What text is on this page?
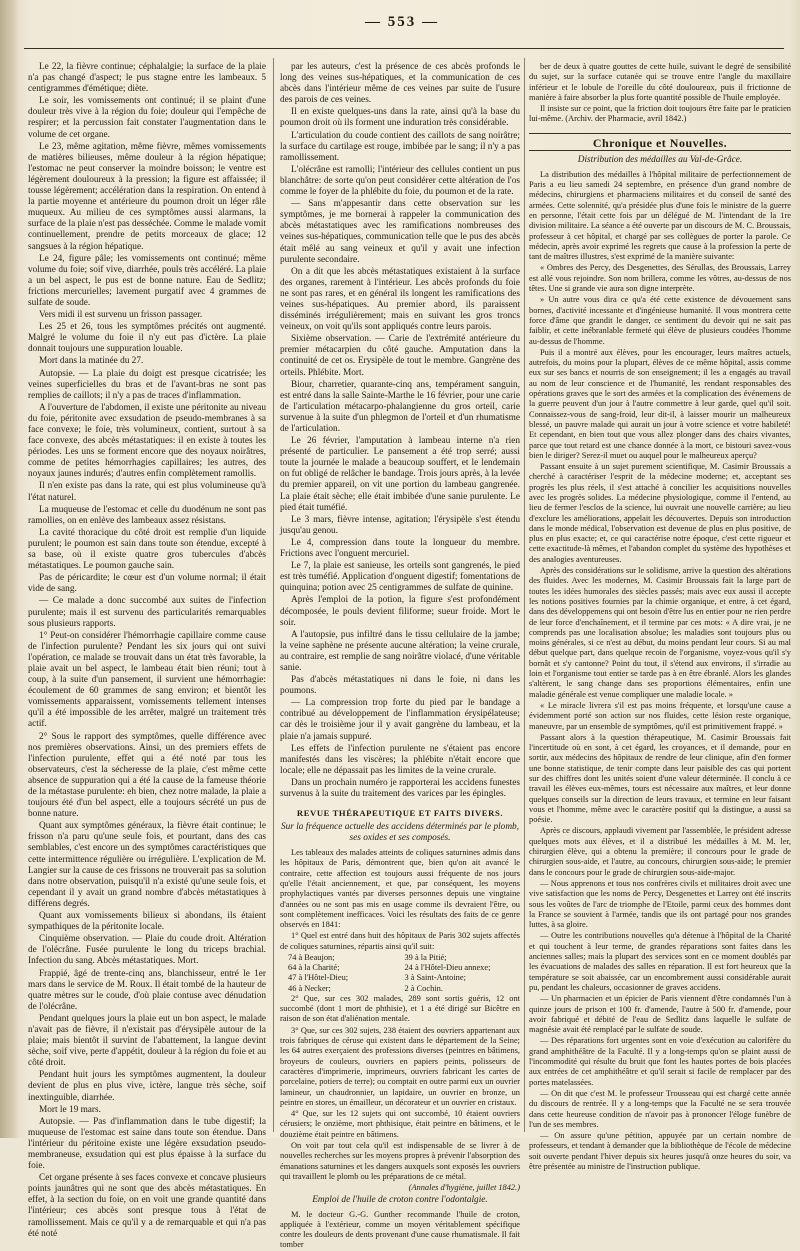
— 553 —
Le 22, la fièvre continue; céphalalgie; la surface de la plaie n'a pas changé d'aspect; le pus stagne entre les lambeaux. 5 centigrammes d'émétique; diète.
Le soir, les vomissements ont continué; il se plaint d'une douleur très vive à la région du foie; douleur qui l'empêche de respirer; et la percussion fait constater l'augmentation dans le volume de cet organe.
Le 23, même agitation, même fièvre, mêmes vomissements de matières bilieuses, même douleur à la région hépatique; l'estomac ne peut conserver la moindre boisson; le ventre est légèrement douloureux à la pression; la figure est affaissée; il tousse légèrement; accélération dans la respiration. On entend à la partie moyenne et antérieure du poumon droit un léger râle muqueux. Au milieu de ces symptômes aussi alarmans, la surface de la plaie n'est pas desséchée. Comme le malade vomit continuellement, prendre de petits morceaux de glace; 12 sangsues à la région hépatique.
Le 24, figure pâle; les vomissements ont continué; même volume du foie; soif vive, diarrhée, pouls très accéléré. La plaie a un bel aspect, le pus est de bonne nature. Eau de Sedlitz; frictions mercurielles; lavement purgatif avec 4 grammes de sulfate de soude.
Vers midi il est survenu un frisson passager.
Les 25 et 26, tous les symptômes précités ont augmenté. Malgré le volume du foie il n'y eut pas d'ictère. La plaie donnait toujours une suppuration louable.
Mort dans la matinée du 27.
Autopsie. — La plaie du doigt est presque cicatrisée; les veines superficielles du bras et de l'avant-bras ne sont pas remplies de caillots; il n'y a pas de traces d'inflammation.
A l'ouverture de l'abdomen, il existe une péritonite au niveau du foie, péritonite avec exsudation de pseudo-membranes à sa face convexe; le foie, très volumineux, contient, surtout à sa face convexe, des abcès métastatiques: il en existe à toutes les périodes. Les uns se forment encore que des noyaux noirâtres, comme de petites hémorrhagies capillaires; les autres, des noyaux jaunes indurés; d'autres enfin complètement ramollis.
Il n'en existe pas dans la rate, qui est plus volumineuse qu'à l'état naturel.
La muqueuse de l'estomac et celle du duodénum ne sont pas ramollies, on en enlève des lambeaux assez résistans.
La cavité thoracique du côté droit est remplie d'un liquide purulent; le poumon est sain dans toute son étendue, excepté à sa base, où il existe quatre gros tubercules d'abcès métastatiques. Le poumon gauche sain.
Pas de péricardite; le cœur est d'un volume normal; il était vide de sang.
— Ce malade a donc succombé aux suites de l'infection purulente; mais il est survenu des particularités remarquables sous plusieurs rapports.
1° Peut-on considérer l'hémorrhagie capillaire comme cause de l'infection purulente? Pendant les six jours qui ont suivi l'opération, ce malade se trouvait dans un état très favorable, la plaie avait un bel aspect, le lambeau était bien réuni; tout à coup, à la suite d'un pansement, il survient une hémorrhagie: écoulement de 60 grammes de sang environ; et bientôt les vomissements apparaissent, vomissements tellement intenses qu'il a été impossible de les arrêter, malgré un traitement très actif.
2° Sous le rapport des symptômes, quelle différence avec nos premières observations. Ainsi, un des premiers effets de l'infection purulente, effet qui a été noté par tous les observateurs, c'est la sécheresse de la plaie, c'est même cette absence de suppuration qui a été la cause de la fameuse théorie de la métastase purulente: eh bien, chez notre malade, la plaie a toujours été d'un bel aspect, elle a toujours sécrété un pus de bonne nature.
Quant aux symptômes généraux, la fièvre était continue; le frisson n'a paru qu'une seule fois, et pourtant, dans des cas semblables, c'est encore un des symptômes caractéristiques que cette intermittence régulière ou irrégulière. L'explication de M. Langier sur la cause de ces frissons ne trouverait pas sa solution dans notre observation, puisqu'il n'a existé qu'une seule fois, et cependant il y avait un grand nombre d'abcès métastatiques à différens degrés.
Quant aux vomissements bilieux si abondans, ils étaient sympathiques de la péritonite locale.
Cinquième observation. — Plaie du coude droit. Altération de l'olécrâne. Fusée purulente le long du triceps brachial. Infection du sang. Abcès métastatiques. Mort.
Frappié, âgé de trente-cinq ans, blanchisseur, entré le 1er mars dans le service de M. Roux. Il était tombé de la hauteur de quatre mètres sur le coude, d'où plaie contuse avec dénudation de l'olécrâne.
Pendant quelques jours la plaie eut un bon aspect, le malade n'avait pas de fièvre, il n'existait pas d'érysipèle autour de la plaie; mais bientôt il survint de l'abattement, la langue devint sèche, soif vive, perte d'appétit, douleur à la région du foie et au côté droit.
Pendant huit jours les symptômes augmentent, la douleur devient de plus en plus vive, ictère, langue très sèche, soif inextinguible, diarrhée.
Mort le 19 mars.
Autopsie. — Pas d'inflammation dans le tube digestif; la muqueuse de l'estomac est saine dans toute son étendue. Dans l'intérieur du péritoine existe une légère exsudation pseudo-membraneuse, exsudation qui est plus épaisse à la surface du foie.
Cet organe présente à ses faces convexe et concave plusieurs points jaunâtres qui ne sont que des abcès métastatiques. En effet, à la section du foie, on en voit une grande quantité dans l'intérieur; ces abcès sont presque tous à l'état de ramollissement. Mais ce qu'il y a de remarquable et qui n'a pas été noté
par les auteurs, c'est la présence de ces abcès profonds le long des veines sus-hépatiques, et la communication de ces abcès dans l'intérieur même de ces veines par suite de l'usure des parois de ces veines.
Il en existe quelques-uns dans la rate, ainsi qu'à la base du poumon droit où ils forment une induration très considérable.
L'articulation du coude contient des caillots de sang noirâtre; la surface du cartilage est rouge, imbibée par le sang; il n'y a pas ramollissement.
L'olécrâne est ramolli; l'intérieur des cellules contient un pus blanchâtre: de sorte qu'on peut considérer cette altération de l'os comme le foyer de la phlébite du foie, du poumon et de la rate.
— Sans m'appesantir dans cette observation sur les symptômes, je me bornerai à rappeler la communication des abcès métastatiques avec les ramifications nombreuses des veines sus-hépatiques, communication telle que le pus des abcès était mêlé au sang veineux et qu'il y avait une infection purulente secondaire.
On a dit que les abcès métastatiques existaient à la surface des organes, rarement à l'intérieur. Les abcès profonds du foie ne sont pas rares, et en général ils longent les ramifications des veines sus-hépatiques. Au premier abord, ils paraissent disséminés irrégulièrement; mais en suivant les gros troncs veineux, on voit qu'ils sont appliqués contre leurs parois.
Sixième observation. — Carie de l'extrémité antérieure du premier métacarpien du côté gauche. Amputation dans la continuité de cet os. Erysipèle de tout le membre. Gangrène des orteils. Phlébite. Mort.
Biour, charretier, quarante-cinq ans, tempérament sanguin, est entré dans la salle Sainte-Marthe le 16 février, pour une carie de l'articulation métacarpo-phalangienne du gros orteil, carie survenue à la suite d'un phlegmon de l'orteil et d'un rhumatisme de l'articulation.
Le 26 février, l'amputation à lambeau interne n'a rien présenté de particulier. Le pansement a été trop serré; aussi toute la journée le malade a beaucoup souffert, et le lendemain on fut obligé de relâcher le bandage. Trois jours après, à la levée du premier appareil, on vit une portion du lambeau gangrenée. La plaie était sèche; elle était imbibée d'une sanie purulente. Le pied était tuméfié.
Le 3 mars, fièvre intense, agitation; l'érysipèle s'est étendu jusqu'au genou.
Le 4, compression dans toute la longueur du membre. Frictions avec l'onguent mercuriel.
Le 7, la plaie est sanieuse, les orteils sont gangrenés, le pied est très tuméfié. Application d'onguent digestif; fomentations de quinquina; potion avec 25 centigrammes de sulfate de quinine.
Après l'emploi de la potion, la figure s'est profondément décomposée, le pouls devient filiforme; sueur froide. Mort le soir.
A l'autopsie, pus infiltré dans le tissu cellulaire de la jambe; la veine saphène ne présente aucune altération; la veine crurale, au contraire, est remplie de sang noirâtre violacé, d'une véritable sanie.
Pas d'abcès métastatiques ni dans le foie, ni dans les poumons.
— La compression trop forte du pied par le bandage a contribué au développement de l'inflammation érysipélateuse; car dès le troisième jour il y avait gangrène du lambeau, et la plaie n'a jamais suppuré.
Les effets de l'infection purulente ne s'étaient pas encore manifestés dans les viscères; la phlébite n'était encore que locale; elle ne dépassait pas les limites de la veine crurale.
Dans un prochain numéro je rapporterai les accidens funestes survenus à la suite du traitement des varices par les épingles.
REVUE THÉRAPEUTIQUE ET FAITS DIVERS.
Sur la fréquence actuelle des accidens déterminés par le plomb, ses oxides et ses composés.
Les tableaux des malades atteints de coliques saturnines admis dans les hôpitaux de Paris, démontrent que, bien qu'on ait avancé le contraire, cette affection est toujours aussi fréquente de nos jours qu'elle l'était anciennement, et que, par conséquent, les moyens prophylactiques vantés par diverses personnes depuis une vingtaine d'années ou ne sont pas mis en usage comme ils devraient l'être, ou sont complètement inefficaces. Voici les résultats des faits de ce genre observés en 1841:
1° Quel est entré dans huit des hôpitaux de Paris 302 sujets affectés de coliques saturnines, répartis ainsi qu'il suit:
74 à Beaujon;	39 à la Pitié;
64 à la Charité;	24 à l'Hôtel-Dieu annexe;
47 à l'Hôtel-Dieu;	3 à Saint-Antoine;
46 à Necker;	2 à Cochin.
2° Que, sur ces 302 malades, 289 sont sortis guéris, 12 ont succombé (dont 1 mort de phthisie), et 1 a été dirigé sur Bicêtre en raison de son état d'aliénation mentale.
3° Que, sur ces 302 sujets, 238 étaient des ouvriers appartenant aux trois fabriques de céruse qui existent dans le département de la Seine; les 64 autres exerçaient des professions diverses (peintres en bâtimens, broyeurs de couleurs, ouvriers en papiers peints, polisseurs de caractères d'imprimerie, imprimeurs, ouvriers fabricant les cartes de porcelaine, potiers de terre); ou comptait en outre parmi eux un ouvrier lamineur, un chaudronnier, un lapidaire, un ouvrier en bronze, un peintre en stores, un émailleur, un décorateur et un ouvrier en cristaux.
4° Que, sur les 12 sujets qui ont succombé, 10 étaient ouvriers cérusiers; le onzième, mort phthisique, était peintre en bâtimens, et le douzième était peintre en bâtimens.
On voit par tout cela qu'il est indispensable de se livrer à de nouvelles recherches sur les moyens propres à prévenir l'absorption des émanations saturnines et les dangers auxquels sont exposés les ouvriers qui travaillent le plomb ou les préparations de ce métal.
(Annales d'hygiène, juillet 1842.)
Emploi de l'huile de croton contre l'odontalgie.
M. le docteur G.-G. Gunther recommande l'huile de croton, appliquée à l'extérieur, comme un moyen véritablement spécifique contre les douleurs de dents provenant d'une cause rhumatismale. Il fait tomber
ber de deux à quatre gouttes de cette huile, suivant le degré de sensibilité du sujet, sur la surface cutanée qui se trouve entre l'angle du maxillaire inférieur et le lobule de l'oreille du côté douloureux, puis il frictionne de manière à faire absorber la plus forte quantité possible de l'huile employée.
Il insiste sur ce point, que la friction doit toujours être faite par le praticien lui-même. (Archiv. der Pharmacie, avril 1842.)
Chronique et Nouvelles.
Distribution des médailles au Val-de-Grâce.
La distribution des médailles à l'hôpital militaire de perfectionnement de Paris a eu lieu samedi 24 septembre, en présence d'un grand nombre de médecins, chirurgiens et pharmaciens militaires et du conseil de santé des armées. Cette solennité, qu'a présidée plus d'une fois le ministre de la guerre en personne, l'était cette fois par un délégué de M. l'intendant de la 1re division militaire. La séance a été ouverte par un discours de M. C. Broussais, professeur à cet hôpital, et chargé par ses collègues de porter la parole. Ce médecin, après avoir exprimé les regrets que cause à la profession la perte de tant de maîtres illustres, s'est exprimé de la manière suivante:
« Ombres des Percy, des Desgenettes, des Sérullas, des Broussais, Larrey est allé vous rejoindre. Son nom brillera, comme les vôtres, au-dessus de nos têtes. Une si grande vie aura son digne interprète.
» Un autre vous dira ce qu'a été cette existence de dévouement sans bornes, d'activité incessante et d'ingénieuse humanité. Il vous montrera cette force d'âme que grandit le danger, ce sentiment du devoir qui ne sait pas faiblir, et cette inébranlable fermeté qui élève de plusieurs coudées l'homme au-dessus de l'homme.
Puis il a montré aux élèves, pour les encourager, leurs maîtres actuels, autrefois, du moins pour la plupart, élèves de ce même hôpital, assis comme eux sur ses bancs et nourris de son enseignement; il les a engagés au travail au nom de leur conscience et de l'humanité, les rendant responsables des opérations graves que le sort des armées et la complication des événemens de la guerre peuvent d'un jour à l'autre commettre à leur garde, quel qu'il soit. Connaissez-vous de sang-froid, leur dit-il, à laisser mourir un malheureux blessé, un pauvre malade qui aurait un jour à votre science et votre habileté! Et cependant, en bien tout que vous allez plonger dans des chairs vivantes, parce que tout retard est une chance donnée à la mort, ce bistouri savez-vous bien le diriger? Serez-il muet ou auquel pour le malheureux aperçu?
Passant ensuite à un sujet purement scientifique, M. Casimir Broussais a cherché à caractériser l'esprit de la médecine moderne; et, acceptant ses progrès les plus réels, il s'est attaché à concilier les acquisitions nouvelles avec les progrès solides. La médecine physiologique, comme il l'entend, au lieu de fermer l'esclos de la science, lui ouvrait une nouvelle carrière; au lieu d'exclure les améliorations, appelait les découvertes. Depuis son introduction dans le monde médical, l'observation est devenue de plus en plus positive, de plus en plus exacte; et, ce qui caractérise notre époque, c'est cette rigueur et cette exactitude-là mêmes, et l'abandon complet du système des hypothèses et des analogies aventureuses.
Après des considérations sur le solidisme, arrive la question des altérations des fluides. Avec les modernes, M. Casimir Broussais fait la large part de toutes les idées humorales des siècles passés; mais avec eux aussi il accepte les notions positives fournies par la chimie organique, et entre, à cet égard, dans des développemens qui ont besoin d'être lus en entier pour ne rien perdre de leur force d'enchaînement, et il termine par ces mots: « A dire vrai, je ne comprends pas une localisation absolue; les maladies sont toujours plus ou moins générales, si ce n'est au début, du moins pendant leur cours. Si au mal début quelque part, dans quelque recoin de l'organisme, voyez-vous qu'il s'y bornât et s'y cantonne? Point du tout, il s'étend aux environs, il s'irradie au loin et l'organisme tout entier se tarde pas à en être ébranlé. Alors les glandes s'altèrent, le sang change dans ses proportions élémentaires, enfin une maladie générale est venue compliquer une maladie locale. »
« Le miracle livrera s'il est pas moins fréquente, et lorsqu'une cause a évidemment porté son action sur nos fluides, cette lésion reste organique, maneuvre, par un ensemble de symptômes, qu'il est primitivement frappé. »
Passant alors à la question thérapeutique, M. Casimir Broussais fait l'incertitude où en sont, à cet égard, les croyances, et il demande, pour en sortir, aux médecins des hôpitaux de rendre de leur clinique, afin d'en former une bonne statistique, de tenir compte dans leur paisible des cas qui portent sur des chiffres dont les unités soient d'une valeur déterminée. Il conclu à ce travail les élèves eux-mêmes, tours est nécessaire aux maîtres, et leur donne quelques conseils sur la direction de leurs travaux, et termine en leur faisant vous et l'homme, même avec le caractère positif qui la distingue, a aussi sa poésie.
Après ce discours, applaudi vivement par l'assemblée, le président adresse quelques mots aux élèves, et il a distribué les médailles à M. M. ler, chirurgien élève, qui a obtenu la première; il concours pour le grade de chirurgien sous-aide, et l'autre, au concours, chirurgien sous-aide; le premier dans le concours pour le grade de chirurgien sous-aide-major.
— Nous apprenons et tous nos confrères civils et militaires droit avec une vive satisfaction que les noms de Percy, Desgenettes et Larrey ont été inscrits sous les voûtes de l'arc de triomphe de l'Etoile, parmi ceux des hommes dont la France se souvient à l'armée, tandis que ils ont partagé pour nos grandes luttes, à sa gloire.
— Outre les contributions nouvelles qu'a détenue à l'hôpital de la Charité et qui touchent à leur terme, de grandes réparations sont faites dans les anciennes salles; mais la plupart des services sont en ce moment doublés par les évacuations de malades des salles en réparation. Il est fort heureux que la température se soit abaissée, car un encombrement aussi considérable aurait pu, pendant les chaleurs, occasionner de graves accidens.
— Un pharmacien et un épicier de Paris viennent d'être condamnés l'un à quinze jours de prison et 100 fr. d'amende, l'autre à 500 fr. d'amende, pour avoir fabriqué et débité de l'eau de Sedlitz dans laquelle le sulfate de magnésie avait été remplacé par le sulfate de soude.
— Des réparations fort urgentes sont en voie d'exécution au calorifère du grand amphithéâtre de la Faculté. Il y a long-temps qu'on se plaint aussi de l'incommodité qui résulte du bruit que font les hautes portes de bois placées aux entrées de cet amphithéâtre et qu'il serait si facile de remplacer par des portes matelassées.
— On dit que c'est M. le professeur Trousseau qui est chargé cette année du discours de rentrée. Il y a long-temps que la Faculté ne se sera trouvée dans cette heureuse condition de n'avoir pas à prononcer l'éloge funèbre de l'un de ses membres.
— On assure qu'une pétition, appuyée par un certain nombre de professeurs, et tendant à demander que la bibliothèque de l'école de médecine soit ouverte pendant l'hiver depuis six heures jusqu'à onze heures du soir, va être présentée au ministre de l'instruction publique.
